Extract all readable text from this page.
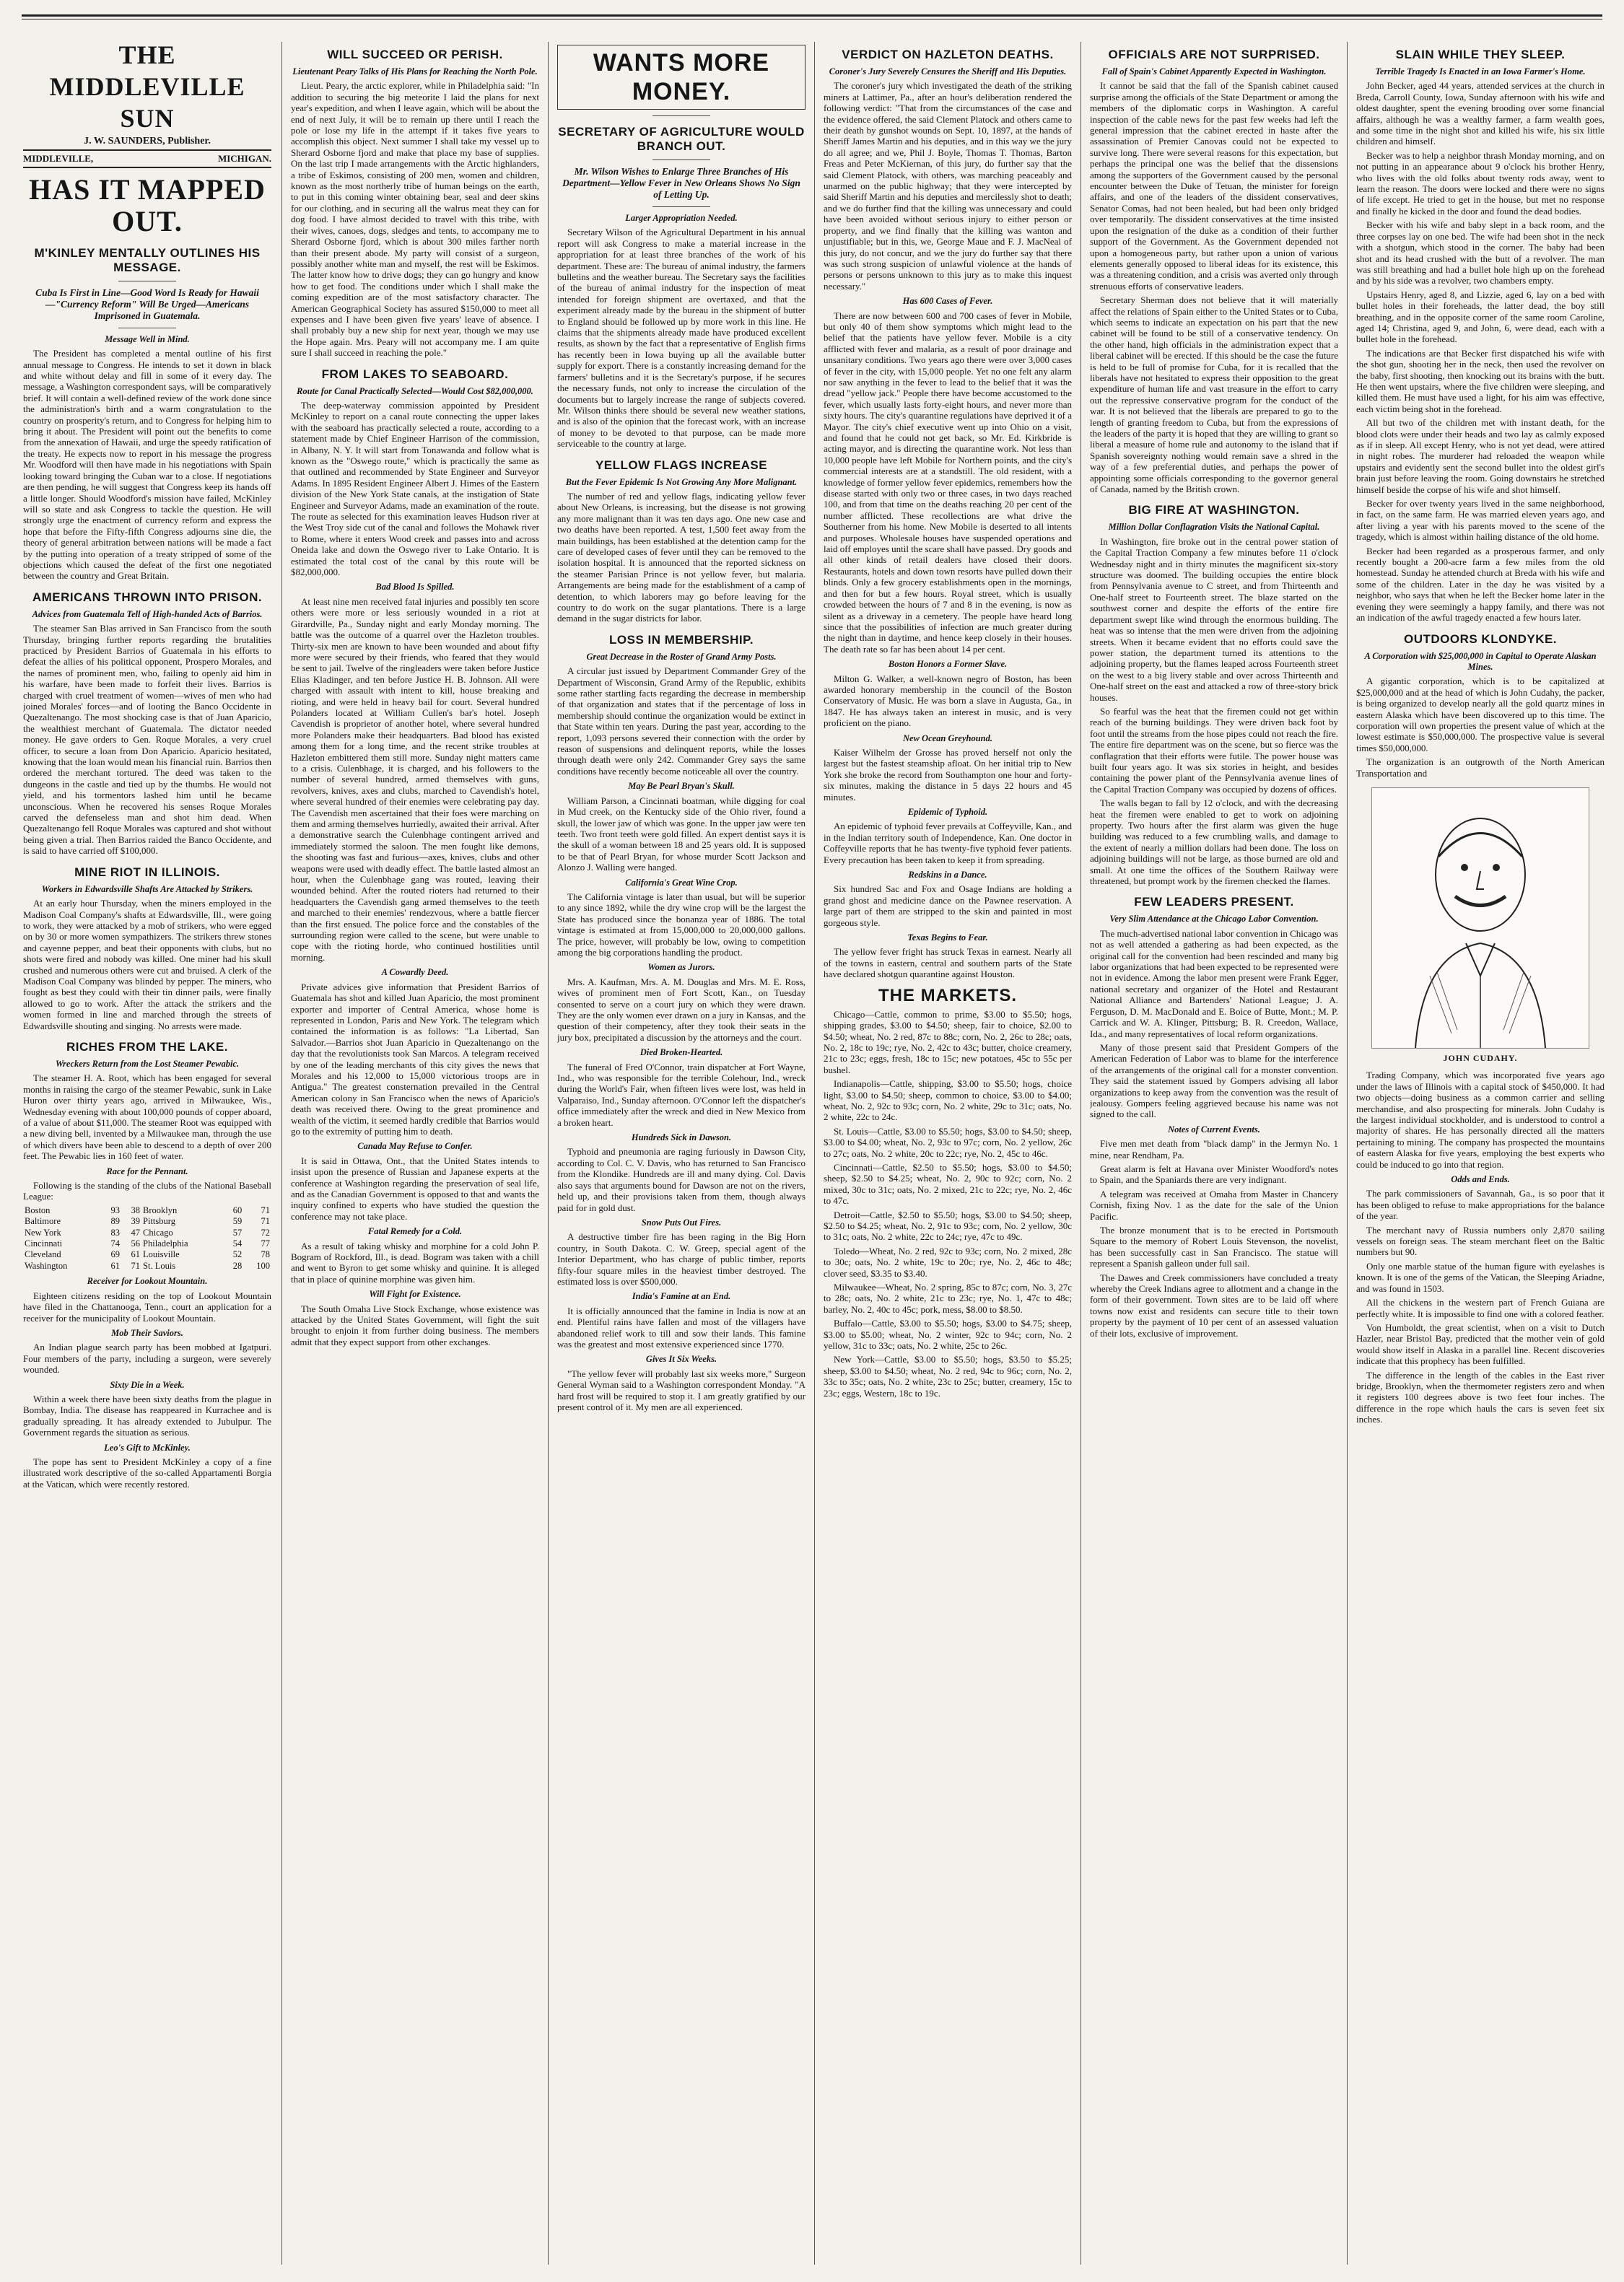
THE MIDDLEVILLE SUN
J. W. SAUNDERS, Publisher.
MIDDLEVILLE,	MICHIGAN.
HAS IT MAPPED OUT.
M'KINLEY MENTALLY OUTLINES HIS MESSAGE.
Cuba Is First in Line—Good Word Is Ready for Hawaii—"Currency Reform" Will Be Urged—Americans Imprisoned in Guatemala.
Message Well in Mind.

The President has completed a mental outline of his first annual message to Congress. He intends to set it down in black and white without delay and fill in some of it every day. The message, a Washington correspondent says, will be comparatively brief. It will contain a well-defined review of the work done since the administration's birth and a warm congratulation to the country on prosperity's return, and to Congress for helping him to bring it about. The President will point out the benefits to come from the annexation of Hawaii, and urge the speedy ratification of the treaty. He expects now to report in his message the progress Mr. Woodford will then have made in his negotiations with Spain looking toward bringing the Cuban war to a close. If negotiations are then pending, he will suggest that Congress keep its hands off a little longer. Should Woodford's mission have failed, McKinley will so state and ask Congress to tackle the question. He will strongly urge the enactment of currency reform and express the hope that before the Fifty-fifth Congress adjourns sine die, the theory of general arbitration between nations will be made a fact by the putting into operation of a treaty stripped of some of the objections which caused the defeat of the first one negotiated between the country and Great Britain.

AMERICANS THROWN INTO PRISON.
Advices from Guatemala Tell of High-handed Acts of Barrios.

The steamer San Blas arrived in San Francisco from the south Thursday, bringing further reports regarding the brutalities practiced by President Barrios of Guatemala in his efforts to defeat the allies of his political opponent, Prospero Morales, and the names of prominent men, who, failing to openly aid him in his warfare, have been made to forfeit their lives. Barrios is charged with cruel treatment of women—wives of men who had joined Morales' forces—and of looting the Banco Occidente in Quezaltenango. The most shocking case is that of Juan Aparicio, the wealthiest merchant of Guatemala. The dictator needed money. He gave orders to Gen. Roque Morales, a very cruel officer, to secure a loan from Don Aparicio. Aparicio hesitated, knowing that the loan would mean his financial ruin. Barrios then ordered the merchant tortured. The deed was taken to the dungeons in the castle and tied up by the thumbs. He would not yield, and his tormentors lashed him until he became unconscious. When he recovered his senses Roque Morales carved the defenseless man and shot him dead. When Quezaltenango fell Roque Morales was captured and shot without being given a trial. Then Barrios raided the Banco Occidente, and is said to have carried off $100,000.

MINE RIOT IN ILLINOIS.
Workers in Edwardsville Shafts Are Attacked by Strikers.

At an early hour Thursday, when the miners employed in the Madison Coal Company's shafts at Edwardsville, Ill., were going to work, they were attacked by a mob of strikers, who were egged on by 30 or more women sympathizers. The strikers threw stones and cayenne pepper, and beat their opponents with clubs, but no shots were fired and nobody was killed. One miner had his skull crushed and numerous others were cut and bruised. A clerk of the Madison Coal Company was blinded by pepper. The miners, who fought as best they could with their tin dinner pails, were finally allowed to go to work. After the attack the strikers and the women formed in line and marched through the streets of Edwardsville shouting and singing. No arrests were made.

RICHES FROM THE LAKE.
Wreckers Return from the Lost Steamer Pewabic.

The steamer H. A. Root, which has been engaged for several months in raising the cargo of the steamer Pewabic, sunk in Lake Huron over thirty years ago, arrived in Milwaukee, Wis., Wednesday evening with about 100,000 pounds of copper aboard, of a value of about $11,000. The steamer Root was equipped with a new diving bell, invented by a Milwaukee man, through the use of which divers have been able to descend to a depth of over 200 feet. The Pewabic lies in 160 feet of water.

Race for the Pennant.

Following is the standing of the clubs of the National Baseball League:

Boston	93	38	Brooklyn	60	71
Baltimore	89	39	Pittsburg	59	71
New York	83	47	Chicago	57	72
Cincinnati	74	56	Philadelphia	54	77
Cleveland	69	61	Louisville	52	78
Washington	61	71	St. Louis	28	100
Receiver for Lookout Mountain.

Eighteen citizens residing on the top of Lookout Mountain have filed in the Chattanooga, Tenn., court an application for a receiver for the municipality of Lookout Mountain.

Mob Their Saviors.

An Indian plague search party has been mobbed at Igatpuri. Four members of the party, including a surgeon, were severely wounded.

Sixty Die in a Week.

Within a week there have been sixty deaths from the plague in Bombay, India. The disease has reappeared in Kurrachee and is gradually spreading. It has already extended to Jubulpur. The Government regards the situation as serious.

Leo's Gift to McKinley.

The pope has sent to President McKinley a copy of a fine illustrated work descriptive of the so-called Appartamenti Borgia at the Vatican, which were recently restored.

WILL SUCCEED OR PERISH.
Lieutenant Peary Talks of His Plans for Reaching the North Pole.

Lieut. Peary, the arctic explorer, while in Philadelphia said: "In addition to securing the big meteorite I laid the plans for next year's expedition, and when I leave again, which will be about the end of next July, it will be to remain up there until I reach the pole or lose my life in the attempt if it takes five years to accomplish this object. Next summer I shall take my vessel up to Sherard Osborne fjord and make that place my base of supplies. On the last trip I made arrangements with the Arctic highlanders, a tribe of Eskimos, consisting of 200 men, women and children, known as the most northerly tribe of human beings on the earth, to put in this coming winter obtaining bear, seal and deer skins for our clothing, and in securing all the walrus meat they can for dog food. I have almost decided to travel with this tribe, with their wives, canoes, dogs, sledges and tents, to accompany me to Sherard Osborne fjord, which is about 300 miles farther north than their present abode. My party will consist of a surgeon, possibly another white man and myself, the rest will be Eskimos. The latter know how to drive dogs; they can go hungry and know how to get food. The conditions under which I shall make the coming expedition are of the most satisfactory character. The American Geographical Society has assured $150,000 to meet all expenses and I have been given five years' leave of absence. I shall probably buy a new ship for next year, though we may use the Hope again. Mrs. Peary will not accompany me. I am quite sure I shall succeed in reaching the pole."

FROM LAKES TO SEABOARD.
Route for Canal Practically Selected—Would Cost $82,000,000.

The deep-waterway commission appointed by President McKinley to report on a canal route connecting the upper lakes with the seaboard has practically selected a route, according to a statement made by Chief Engineer Harrison of the commission, in Albany, N. Y. It will start from Tonawanda and follow what is known as the "Oswego route," which is practically the same as that outlined and recommended by State Engineer and Surveyor Adams. In 1895 Resident Engineer Albert J. Himes of the Eastern division of the New York State canals, at the instigation of State Engineer and Surveyor Adams, made an examination of the route. The route as selected for this examination leaves Hudson river at the West Troy side cut of the canal and follows the Mohawk river to Rome, where it enters Wood creek and passes into and across Oneida lake and down the Oswego river to Lake Ontario. It is estimated the total cost of the canal by this route will be $82,000,000.

Bad Blood Is Spilled.

At least nine men received fatal injuries and possibly ten score others were more or less seriously wounded in a riot at Girardville, Pa., Sunday night and early Monday morning. The battle was the outcome of a quarrel over the Hazleton troubles. Thirty-six men are known to have been wounded and about fifty more were secured by their friends, who feared that they would be sent to jail. Twelve of the ringleaders were taken before Justice Elias Kladinger, and ten before Justice H. B. Johnson. All were charged with assault with intent to kill, house breaking and rioting, and were held in heavy bail for court. Several hundred Polanders located at William Cullen's bar's hotel. Joseph Cavendish is proprietor of another hotel, where several hundred more Polanders make their headquarters. Bad blood has existed among them for a long time, and the recent strike troubles at Hazleton embittered them still more. Sunday night matters came to a crisis. Culenbhage, it is charged, and his followers to the number of several hundred, armed themselves with guns, revolvers, knives, axes and clubs, marched to Cavendish's hotel, where several hundred of their enemies were celebrating pay day. The Cavendish men ascertained that their foes were marching on them and arming themselves hurriedly, awaited their arrival. After a demonstrative search the Culenbhage contingent arrived and immediately stormed the saloon. The men fought like demons, the shooting was fast and furious—axes, knives, clubs and other weapons were used with deadly effect. The battle lasted almost an hour, when the Culenbhage gang was routed, leaving their wounded behind. After the routed rioters had returned to their headquarters the Cavendish gang armed themselves to the teeth and marched to their enemies' rendezvous, where a battle fiercer than the first ensued. The police force and the constables of the surrounding region were called to the scene, but were unable to cope with the rioting horde, who continued hostilities until morning.

A Cowardly Deed.

Private advices give information that President Barrios of Guatemala has shot and killed Juan Aparicio, the most prominent exporter and importer of Central America, whose home is represented in London, Paris and New York. The telegram which contained the information is as follows: "La Libertad, San Salvador.—Barrios shot Juan Aparicio in Quezaltenango on the day that the revolutionists took San Marcos. A telegram received by one of the leading merchants of this city gives the news that Morales and his 12,000 to 15,000 victorious troops are in Antigua." The greatest consternation prevailed in the Central American colony in San Francisco when the news of Aparicio's death was received there. Owing to the great prominence and wealth of the victim, it seemed hardly credible that Barrios would go to the extremity of putting him to death.

Canada May Refuse to Confer.

It is said in Ottawa, Ont., that the United States intends to insist upon the presence of Russian and Japanese experts at the conference at Washington regarding the preservation of seal life, and as the Canadian Government is opposed to that and wants the inquiry confined to experts who have studied the question the conference may not take place.

Fatal Remedy for a Cold.

As a result of taking whisky and morphine for a cold John P. Bogram of Rockford, Ill., is dead. Bogram was taken with a chill and went to Byron to get some whisky and quinine. It is alleged that in place of quinine morphine was given him.

Will Fight for Existence.

The South Omaha Live Stock Exchange, whose existence was attacked by the United States Government, will fight the suit brought to enjoin it from further doing business. The members admit that they expect support from other exchanges.

WANTS MORE MONEY.
SECRETARY OF AGRICULTURE WOULD BRANCH OUT.
Mr. Wilson Wishes to Enlarge Three Branches of His Department—Yellow Fever in New Orleans Shows No Sign of Letting Up.
Larger Appropriation Needed.

Secretary Wilson of the Agricultural Department in his annual report will ask Congress to make a material increase in the appropriation for at least three branches of the work of his department. These are: The bureau of animal industry, the farmers bulletins and the weather bureau. The Secretary says the facilities of the bureau of animal industry for the inspection of meat intended for foreign shipment are overtaxed, and that the experiment already made by the bureau in the shipment of butter to England should be followed up by more work in this line. He claims that the shipments already made have produced excellent results, as shown by the fact that a representative of English firms has recently been in Iowa buying up all the available butter supply for export. There is a constantly increasing demand for the farmers' bulletins and it is the Secretary's purpose, if he secures the necessary funds, not only to increase the circulation of the documents but to largely increase the range of subjects covered. Mr. Wilson thinks there should be several new weather stations, and is also of the opinion that the forecast work, with an increase of money to be devoted to that purpose, can be made more serviceable to the country at large.

YELLOW FLAGS INCREASE
But the Fever Epidemic Is Not Growing Any More Malignant.

The number of red and yellow flags, indicating yellow fever about New Orleans, is increasing, but the disease is not growing any more malignant than it was ten days ago. One new case and two deaths have been reported. A test, 1,500 feet away from the main buildings, has been established at the detention camp for the care of developed cases of fever until they can be removed to the isolation hospital. It is announced that the reported sickness on the steamer Parisian Prince is not yellow fever, but malaria. Arrangements are being made for the establishment of a camp of detention, to which laborers may go before leaving for the country to do work on the sugar plantations. There is a large demand in the sugar districts for labor.

LOSS IN MEMBERSHIP.
Great Decrease in the Roster of Grand Army Posts.

A circular just issued by Department Commander Grey of the Department of Wisconsin, Grand Army of the Republic, exhibits some rather startling facts regarding the decrease in membership of that organization and states that if the percentage of loss in membership should continue the organization would be extinct in that State within ten years. During the past year, according to the report, 1,093 persons severed their connection with the order by reason of suspensions and delinquent reports, while the losses through death were only 242. Commander Grey says the same conditions have recently become noticeable all over the country.

May Be Pearl Bryan's Skull.

William Parson, a Cincinnati boatman, while digging for coal in Mud creek, on the Kentucky side of the Ohio river, found a skull, the lower jaw of which was gone. In the upper jaw were ten teeth. Two front teeth were gold filled. An expert dentist says it is the skull of a woman between 18 and 25 years old. It is supposed to be that of Pearl Bryan, for whose murder Scott Jackson and Alonzo J. Walling were hanged.

California's Great Wine Crop.

The California vintage is later than usual, but will be superior to any since 1892, while the dry wine crop will be the largest the State has produced since the bonanza year of 1886. The total vintage is estimated at from 15,000,000 to 20,000,000 gallons. The price, however, will probably be low, owing to competition among the big corporations handling the product.

Women as Jurors.

Mrs. A. Kaufman, Mrs. A. M. Douglas and Mrs. M. E. Ross, wives of prominent men of Fort Scott, Kan., on Tuesday consented to serve on a court jury on which they were drawn. They are the only women ever drawn on a jury in Kansas, and the question of their competency, after they took their seats in the jury box, precipitated a discussion by the attorneys and the court.

Died Broken-Hearted.

The funeral of Fred O'Connor, train dispatcher at Fort Wayne, Ind., who was responsible for the terrible Colehour, Ind., wreck during the World's Fair, when fifteen lives were lost, was held in Valparaiso, Ind., Sunday afternoon. O'Connor left the dispatcher's office immediately after the wreck and died in New Mexico from a broken heart.

Hundreds Sick in Dawson.

Typhoid and pneumonia are raging furiously in Dawson City, according to Col. C. V. Davis, who has returned to San Francisco from the Klondike. Hundreds are ill and many dying. Col. Davis also says that arguments bound for Dawson are not on the rivers, held up, and their provisions taken from them, though always paid for in gold dust.

Snow Puts Out Fires.

A destructive timber fire has been raging in the Big Horn country, in South Dakota. C. W. Greep, special agent of the Interior Department, who has charge of public timber, reports fifty-four square miles in the heaviest timber destroyed. The estimated loss is over $500,000.

India's Famine at an End.

It is officially announced that the famine in India is now at an end. Plentiful rains have fallen and most of the villagers have abandoned relief work to till and sow their lands. This famine was the greatest and most extensive experienced since 1770.

Gives It Six Weeks.

"The yellow fever will probably last six weeks more," Surgeon General Wyman said to a Washington correspondent Monday. "A hard frost will be required to stop it. I am greatly gratified by our present control of it. My men are all experienced.

VERDICT ON HAZLETON DEATHS.
Coroner's Jury Severely Censures the Sheriff and His Deputies.

The coroner's jury which investigated the death of the striking miners at Lattimer, Pa., after an hour's deliberation rendered the following verdict: "That from the circumstances of the case and the evidence offered, the said Clement Platock and others came to their death by gunshot wounds on Sept. 10, 1897, at the hands of Sheriff James Martin and his deputies, and in this way we the jury do all agree; and we, Phil J. Boyle, Thomas T. Thomas, Barton Freas and Peter McKiernan, of this jury, do further say that the said Clement Platock, with others, was marching peaceably and unarmed on the public highway; that they were intercepted by said Sheriff Martin and his deputies and mercilessly shot to death; and we do further find that the killing was unnecessary and could have been avoided without serious injury to either person or property, and we find finally that the killing was wanton and unjustifiable; but in this, we, George Maue and F. J. MacNeal of this jury, do not concur, and we the jury do further say that there was such strong suspicion of unlawful violence at the hands of persons or persons unknown to this jury as to make this inquest necessary."

Has 600 Cases of Fever.

There are now between 600 and 700 cases of fever in Mobile, but only 40 of them show symptoms which might lead to the belief that the patients have yellow fever. Mobile is a city afflicted with fever and malaria, as a result of poor drainage and unsanitary conditions. Two years ago there were over 3,000 cases of fever in the city, with 15,000 people. Yet no one felt any alarm nor saw anything in the fever to lead to the belief that it was the dread "yellow jack." People there have become accustomed to the fever, which usually lasts forty-eight hours, and never more than sixty hours. The city's quarantine regulations have deprived it of a Mayor. The city's chief executive went up into Ohio on a visit, and found that he could not get back, so Mr. Ed. Kirkbride is acting mayor, and is directing the quarantine work. Not less than 10,000 people have left Mobile for Northern points, and the city's commercial interests are at a standstill. The old resident, with a knowledge of former yellow fever epidemics, remembers how the disease started with only two or three cases, in two days reached 100, and from that time on the deaths reaching 20 per cent of the number afflicted. These recollections are what drive the Southerner from his home. New Mobile is deserted to all intents and purposes. Wholesale houses have suspended operations and laid off employes until the scare shall have passed. Dry goods and all other kinds of retail dealers have closed their doors. Restaurants, hotels and down town resorts have pulled down their blinds. Only a few grocery establishments open in the mornings, and then for but a few hours. Royal street, which is usually crowded between the hours of 7 and 8 in the evening, is now as silent as a driveway in a cemetery. The people have heard long since that the possibilities of infection are much greater during the night than in daytime, and hence keep closely in their houses. The death rate so far has been about 14 per cent.

Boston Honors a Former Slave.

Milton G. Walker, a well-known negro of Boston, has been awarded honorary membership in the council of the Boston Conservatory of Music. He was born a slave in Augusta, Ga., in 1847. He has always taken an interest in music, and is very proficient on the piano.

New Ocean Greyhound.

Kaiser Wilhelm der Grosse has proved herself not only the largest but the fastest steamship afloat. On her initial trip to New York she broke the record from Southampton one hour and forty-six minutes, making the distance in 5 days 22 hours and 45 minutes.

Epidemic of Typhoid.

An epidemic of typhoid fever prevails at Coffeyville, Kan., and in the Indian territory south of Independence, Kan. One doctor in Coffeyville reports that he has twenty-five typhoid fever patients. Every precaution has been taken to keep it from spreading.

Redskins in a Dance.

Six hundred Sac and Fox and Osage Indians are holding a grand ghost and medicine dance on the Pawnee reservation. A large part of them are stripped to the skin and painted in most gorgeous style.

Texas Begins to Fear.

The yellow fever fright has struck Texas in earnest. Nearly all of the towns in eastern, central and southern parts of the State have declared shotgun quarantine against Houston.

THE MARKETS.

Chicago—Cattle, common to prime, $3.00 to $5.50; hogs, shipping grades, $3.00 to $4.50; sheep, fair to choice, $2.00 to $4.50; wheat, No. 2 red, 87c to 88c; corn, No. 2, 26c to 28c; oats, No. 2, 18c to 19c; rye, No. 2, 42c to 43c; butter, choice creamery, 21c to 23c; eggs, fresh, 18c to 15c; new potatoes, 45c to 55c per bushel.

Indianapolis—Cattle, shipping, $3.00 to $5.50; hogs, choice light, $3.00 to $4.50; sheep, common to choice, $3.00 to $4.00; wheat, No. 2, 92c to 93c; corn, No. 2 white, 29c to 31c; oats, No. 2 white, 22c to 24c.

St. Louis—Cattle, $3.00 to $5.50; hogs, $3.00 to $4.50; sheep, $3.00 to $4.00; wheat, No. 2, 93c to 97c; corn, No. 2 yellow, 26c to 27c; oats, No. 2 white, 20c to 22c; rye, No. 2, 45c to 46c.

Cincinnati—Cattle, $2.50 to $5.50; hogs, $3.00 to $4.50; sheep, $2.50 to $4.25; wheat, No. 2, 90c to 92c; corn, No. 2 mixed, 30c to 31c; oats, No. 2 mixed, 21c to 22c; rye, No. 2, 46c to 47c.

Detroit—Cattle, $2.50 to $5.50; hogs, $3.00 to $4.50; sheep, $2.50 to $4.25; wheat, No. 2, 91c to 93c; corn, No. 2 yellow, 30c to 31c; oats, No. 2 white, 22c to 24c; rye, 47c to 49c.

Toledo—Wheat, No. 2 red, 92c to 93c; corn, No. 2 mixed, 28c to 30c; oats, No. 2 white, 19c to 20c; rye, No. 2, 46c to 48c; clover seed, $3.35 to $3.40.

Milwaukee—Wheat, No. 2 spring, 85c to 87c; corn, No. 3, 27c to 28c; oats, No. 2 white, 21c to 23c; rye, No. 1, 47c to 48c; barley, No. 2, 40c to 45c; pork, mess, $8.00 to $8.50.

Buffalo—Cattle, $3.00 to $5.50; hogs, $3.00 to $4.75; sheep, $3.00 to $5.00; wheat, No. 2 winter, 92c to 94c; corn, No. 2 yellow, 31c to 33c; oats, No. 2 white, 25c to 26c.

New York—Cattle, $3.00 to $5.50; hogs, $3.50 to $5.25; sheep, $3.00 to $4.50; wheat, No. 2 red, 94c to 96c; corn, No. 2, 33c to 35c; oats, No. 2 white, 23c to 25c; butter, creamery, 15c to 23c; eggs, Western, 18c to 19c.

OFFICIALS ARE NOT SURPRISED.
Fall of Spain's Cabinet Apparently Expected in Washington.

It cannot be said that the fall of the Spanish cabinet caused surprise among the officials of the State Department or among the members of the diplomatic corps in Washington. A careful inspection of the cable news for the past few weeks had left the general impression that the cabinet erected in haste after the assassination of Premier Canovas could not be expected to survive long. There were several reasons for this expectation, but perhaps the principal one was the belief that the dissensions among the supporters of the Government caused by the personal encounter between the Duke of Tetuan, the minister for foreign affairs, and one of the leaders of the dissident conservatives, Senator Comas, had not been healed, but had been only bridged over temporarily. The dissident conservatives at the time insisted upon the resignation of the duke as a condition of their further support of the Government. As the Government depended not upon a homogeneous party, but rather upon a union of various elements generally opposed to liberal ideas for its existence, this was a threatening condition, and a crisis was averted only through strenuous efforts of conservative leaders.

Secretary Sherman does not believe that it will materially affect the relations of Spain either to the United States or to Cuba, which seems to indicate an expectation on his part that the new cabinet will be found to be still of a conservative tendency. On the other hand, high officials in the administration expect that a liberal cabinet will be erected. If this should be the case the future is held to be full of promise for Cuba, for it is recalled that the liberals have not hesitated to express their opposition to the great expenditure of human life and vast treasure in the effort to carry out the repressive conservative program for the conduct of the war. It is not believed that the liberals are prepared to go to the length of granting freedom to Cuba, but from the expressions of the leaders of the party it is hoped that they are willing to grant so liberal a measure of home rule and autonomy to the island that if Spanish sovereignty nothing would remain save a shred in the way of a few preferential duties, and perhaps the power of appointing some officials corresponding to the governor general of Canada, named by the British crown.

BIG FIRE AT WASHINGTON.
Million Dollar Conflagration Visits the National Capital.

In Washington, fire broke out in the central power station of the Capital Traction Company a few minutes before 11 o'clock Wednesday night and in thirty minutes the magnificent six-story structure was doomed. The building occupies the entire block from Pennsylvania avenue to C street, and from Thirteenth and One-half street to Fourteenth street. The blaze started on the southwest corner and despite the efforts of the entire fire department swept like wind through the enormous building. The heat was so intense that the men were driven from the adjoining streets. When it became evident that no efforts could save the power station, the department turned its attentions to the adjoining property, but the flames leaped across Fourteenth street on the west to a big livery stable and over across Thirteenth and One-half street on the east and attacked a row of three-story brick houses.

So fearful was the heat that the firemen could not get within reach of the burning buildings. They were driven back foot by foot until the streams from the hose pipes could not reach the fire. The entire fire department was on the scene, but so fierce was the conflagration that their efforts were futile. The power house was built four years ago. It was six stories in height, and besides containing the power plant of the Pennsylvania avenue lines of the Capital Traction Company was occupied by dozens of offices.

The walls began to fall by 12 o'clock, and with the decreasing heat the firemen were enabled to get to work on adjoining property. Two hours after the first alarm was given the huge building was reduced to a few crumbling walls, and damage to the extent of nearly a million dollars had been done. The loss on adjoining buildings will not be large, as those burned are old and small. At one time the offices of the Southern Railway were threatened, but prompt work by the firemen checked the flames.

FEW LEADERS PRESENT.
Very Slim Attendance at the Chicago Labor Convention.

The much-advertised national labor convention in Chicago was not as well attended a gathering as had been expected, as the original call for the convention had been rescinded and many big labor organizations that had been expected to be represented were not in evidence. Among the labor men present were Frank Egger, national secretary and organizer of the Hotel and Restaurant National Alliance and Bartenders' National League; J. A. Ferguson, D. M. MacDonald and E. Boice of Butte, Mont.; M. P. Carrick and W. A. Klinger, Pittsburg; B. R. Creedon, Wallace, Ida., and many representatives of local reform organizations.

Many of those present said that President Gompers of the American Federation of Labor was to blame for the interference of the arrangements of the original call for a monster convention. They said the statement issued by Gompers advising all labor organizations to keep away from the convention was the result of jealousy. Gompers feeling aggrieved because his name was not signed to the call.

Notes of Current Events.

Five men met death from "black damp" in the Jermyn No. 1 mine, near Rendham, Pa.

Great alarm is felt at Havana over Minister Woodford's notes to Spain, and the Spaniards there are very indignant.

A telegram was received at Omaha from Master in Chancery Cornish, fixing Nov. 1 as the date for the sale of the Union Pacific.

The bronze monument that is to be erected in Portsmouth Square to the memory of Robert Louis Stevenson, the novelist, has been successfully cast in San Francisco. The statue will represent a Spanish galleon under full sail.

The Dawes and Creek commissioners have concluded a treaty whereby the Creek Indians agree to allotment and a change in the form of their government. Town sites are to be laid off where towns now exist and residents can secure title to their town property by the payment of 10 per cent of an assessed valuation of their lots, exclusive of improvement.

SLAIN WHILE THEY SLEEP.
Terrible Tragedy Is Enacted in an Iowa Farmer's Home.

John Becker, aged 44 years, attended services at the church in Breda, Carroll County, Iowa, Sunday afternoon with his wife and oldest daughter, spent the evening brooding over some financial affairs, although he was a wealthy farmer, a farm wealth goes, and some time in the night shot and killed his wife, his six little children and himself.

Becker was to help a neighbor thrash Monday morning, and on not putting in an appearance about 9 o'clock his brother Henry, who lives with the old folks about twenty rods away, went to learn the reason. The doors were locked and there were no signs of life except. He tried to get in the house, but met no response and finally he kicked in the door and found the dead bodies.

Becker with his wife and baby slept in a back room, and the three corpses lay on one bed. The wife had been shot in the neck with a shotgun, which stood in the corner. The baby had been shot and its head crushed with the butt of a revolver. The man was still breathing and had a bullet hole high up on the forehead and by his side was a revolver, two chambers empty.

Upstairs Henry, aged 8, and Lizzie, aged 6, lay on a bed with bullet holes in their foreheads, the latter dead, the boy still breathing, and in the opposite corner of the same room Caroline, aged 14; Christina, aged 9, and John, 6, were dead, each with a bullet hole in the forehead.

The indications are that Becker first dispatched his wife with the shot gun, shooting her in the neck, then used the revolver on the baby, first shooting, then knocking out its brains with the butt. He then went upstairs, where the five children were sleeping, and killed them. He must have used a light, for his aim was effective, each victim being shot in the forehead.

All but two of the children met with instant death, for the blood clots were under their heads and two lay as calmly exposed as if in sleep. All except Henry, who is not yet dead, were attired in night robes. The murderer had reloaded the weapon while upstairs and evidently sent the second bullet into the oldest girl's brain just before leaving the room. Going downstairs he stretched himself beside the corpse of his wife and shot himself.

Becker for over twenty years lived in the same neighborhood, in fact, on the same farm. He was married eleven years ago, and after living a year with his parents moved to the scene of the tragedy, which is almost within hailing distance of the old home.

Becker had been regarded as a prosperous farmer, and only recently bought a 200-acre farm a few miles from the old homestead. Sunday he attended church at Breda with his wife and some of the children. Later in the day he was visited by a neighbor, who says that when he left the Becker home later in the evening they were seemingly a happy family, and there was not an indication of the awful tragedy enacted a few hours later.

OUTDOORS KLONDYKE.
A Corporation with $25,000,000 in Capital to Operate Alaskan Mines.

A gigantic corporation, which is to be capitalized at $25,000,000 and at the head of which is John Cudahy, the packer, is being organized to develop nearly all the gold quartz mines in eastern Alaska which have been discovered up to this time. The corporation will own properties the present value of which at the lowest estimate is $50,000,000. The prospective value is several times $50,000,000.

The organization is an outgrowth of the North American Transportation and

JOHN CUDAHY.

Trading Company, which was incorporated five years ago under the laws of Illinois with a capital stock of $450,000. It had two objects—doing business as a common carrier and selling merchandise, and also prospecting for minerals. John Cudahy is the largest individual stockholder, and is understood to control a majority of shares. He has personally directed all the matters pertaining to mining. The company has prospected the mountains of eastern Alaska for five years, employing the best experts who could be induced to go into that region.

Odds and Ends.

The park commissioners of Savannah, Ga., is so poor that it has been obliged to refuse to make appropriations for the balance of the year.

The merchant navy of Russia numbers only 2,870 sailing vessels on foreign seas. The steam merchant fleet on the Baltic numbers but 90.

Only one marble statue of the human figure with eyelashes is known. It is one of the gems of the Vatican, the Sleeping Ariadne, and was found in 1503.

All the chickens in the western part of French Guiana are perfectly white. It is impossible to find one with a colored feather.

Von Humboldt, the great scientist, when on a visit to Dutch Hazler, near Bristol Bay, predicted that the mother vein of gold would show itself in Alaska in a parallel line. Recent discoveries indicate that this prophecy has been fulfilled.

The difference in the length of the cables in the East river bridge, Brooklyn, when the thermometer registers zero and when it registers 100 degrees above is two feet four inches. The difference in the rope which hauls the cars is seven feet six inches.
